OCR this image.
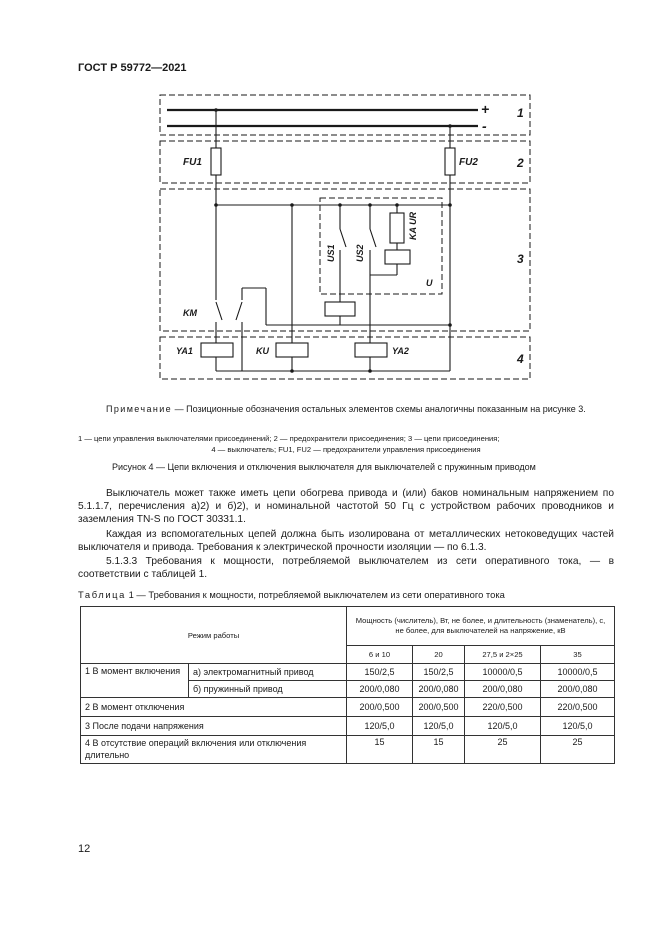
ГОСТ Р 59772—2021
+
-
FU1	FU2
US1 US2
KA UR
U
KM
YA1	KU	YA2
1
2
3
4
Примечание — Позиционные обозначения остальных элементов схемы аналогичны показанным на рисунке 3.
1 — цепи управления выключателями присоединений; 2 — предохранители присоединения; 3 — цепи присоединения;
4 — выключатель; FU1, FU2 — предохранители управления присоединения
Рисунок 4 — Цепи включения и отключения выключателя для выключателей с пружинным приводом
Выключатель может также иметь цепи обогрева привода и (или) баков номинальным напряжением по 5.1.1.7, перечисления а)2) и б)2), и номинальной частотой 50 Гц с устройством рабочих проводников и заземления TN-S по ГОСТ 30331.1.
Каждая из вспомогательных цепей должна быть изолирована от металлических нетоковедущих частей выключателя и привода. Требования к электрической прочности изоляции — по 6.1.3.
5.1.3.3 Требования к мощности, потребляемой выключателем из сети оперативного тока, — в соответствии с таблицей 1.
Таблица 1 — Требования к мощности, потребляемой выключателем из сети оперативного тока
Режим работы		Мощность (числитель), Вт, не более, и длительность (знаменатель), с, не более, для выключателей на напряжение, кВ			
		6 и 10	20	27,5 и 2×25	35
1 В момент включения	а) электромагнитный привод	150/2,5	150/2,5	10000/0,5	10000/0,5
	б) пружинный привод	200/0,080	200/0,080	200/0,080	200/0,080
2 В момент отключения		200/0,500	200/0,500	220/0,500	220/0,500
3 После подачи напряжения		120/5,0	120/5,0	120/5,0	120/5,0
4 В отсутствие операций включения или отключения длительно		15	15	25	25
12
